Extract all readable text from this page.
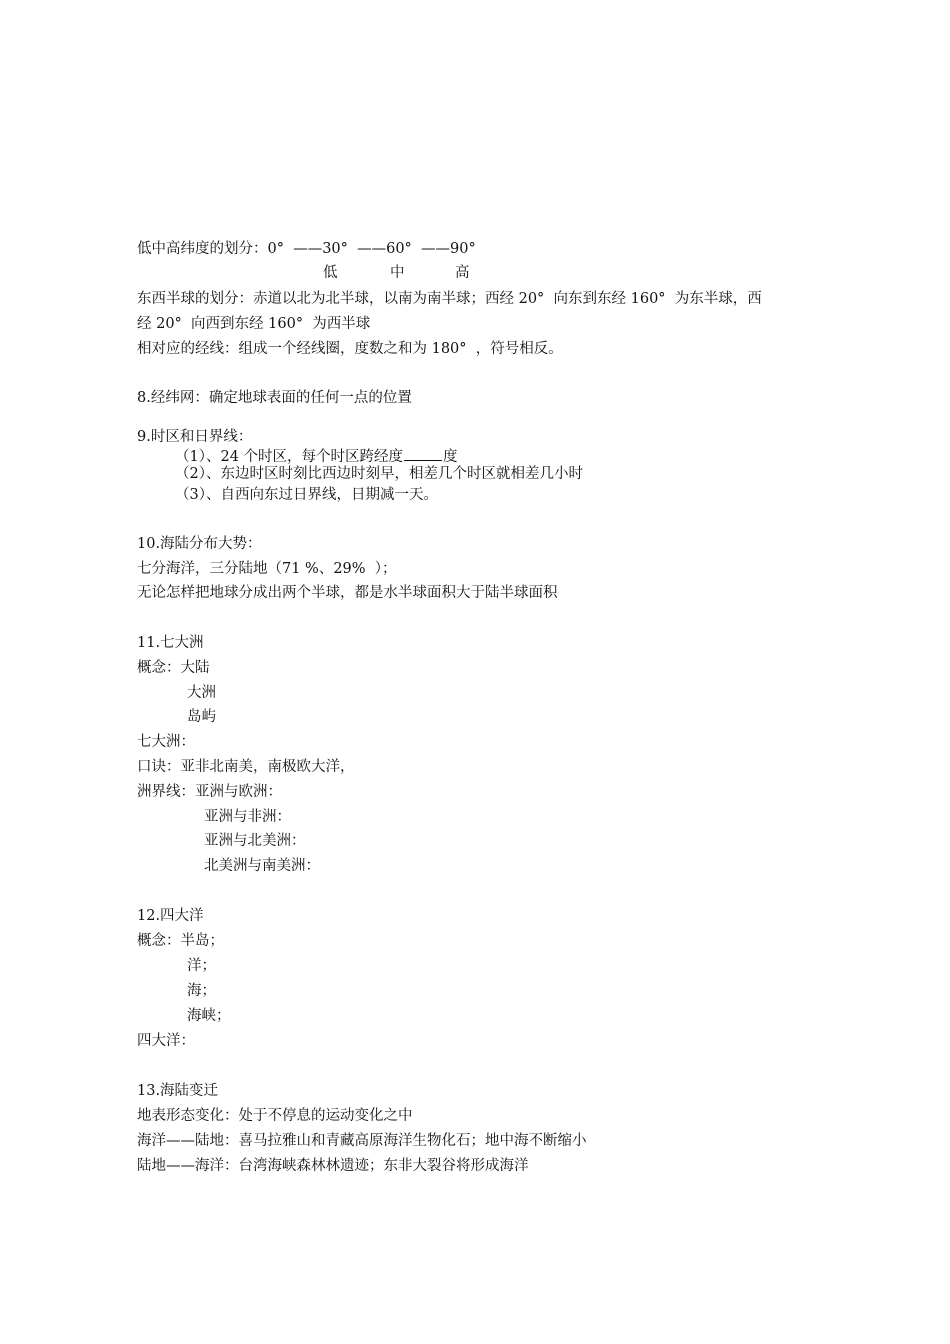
低中高纬度的划分：0°  ——30°  ——60°  ——90°
低	中	高
东西半球的划分：赤道以北为北半球，以南为南半球；西经 20°  向东到东经 160°  为东半球，西
经 20°  向西到东经 160°  为西半球
相对应的经线：组成一个经线圈，度数之和为 180°  ，符号相反。
8.经纬网：确定地球表面的任何一点的位置
9.时区和日界线：
（1）、24 个时区，每个时区跨经度	度
（2）、东边时区时刻比西边时刻早，相差几个时区就相差几小时
（3）、自西向东过日界线，日期减一天。
10.海陆分布大势：
七分海洋，三分陆地（71 %、29%  ）；
无论怎样把地球分成出两个半球，都是水半球面积大于陆半球面积
11.七大洲
概念：大陆
大洲
岛屿
七大洲：
口诀：亚非北南美，南极欧大洋，
洲界线：亚洲与欧洲：
亚洲与非洲：
亚洲与北美洲：
北美洲与南美洲：
12.四大洋
概念：半岛；
洋；
海；
海峡；
四大洋：
13.海陆变迁
地表形态变化：处于不停息的运动变化之中
海洋——陆地：喜马拉雅山和青藏高原海洋生物化石；地中海不断缩小
陆地——海洋：台湾海峡森林林遗迹；东非大裂谷将形成海洋
